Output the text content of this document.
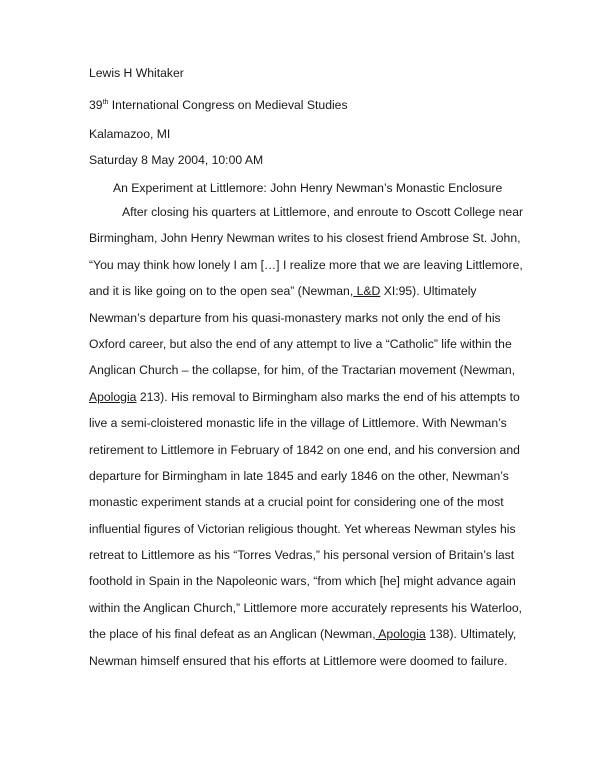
Lewis H Whitaker
39th International Congress on Medieval Studies
Kalamazoo, MI
Saturday 8 May 2004, 10:00 AM
An Experiment at Littlemore: John Henry Newman’s Monastic Enclosure
After closing his quarters at Littlemore, and enroute to Oscott College near
Birmingham, John Henry Newman writes to his closest friend Ambrose St. John,
“You may think how lonely I am […] I realize more that we are leaving Littlemore,
and it is like going on to the open sea” (Newman, L&D XI:95). Ultimately
Newman’s departure from his quasi-monastery marks not only the end of his
Oxford career, but also the end of any attempt to live a “Catholic” life within the
Anglican Church – the collapse, for him, of the Tractarian movement (Newman,
Apologia 213). His removal to Birmingham also marks the end of his attempts to
live a semi-cloistered monastic life in the village of Littlemore. With Newman’s
retirement to Littlemore in February of 1842 on one end, and his conversion and
departure for Birmingham in late 1845 and early 1846 on the other, Newman’s
monastic experiment stands at a crucial point for considering one of the most
influential figures of Victorian religious thought. Yet whereas Newman styles his
retreat to Littlemore as his “Torres Vedras,” his personal version of Britain’s last
foothold in Spain in the Napoleonic wars, “from which [he] might advance again
within the Anglican Church,” Littlemore more accurately represents his Waterloo,
the place of his final defeat as an Anglican (Newman, Apologia 138). Ultimately,
Newman himself ensured that his efforts at Littlemore were doomed to failure.
